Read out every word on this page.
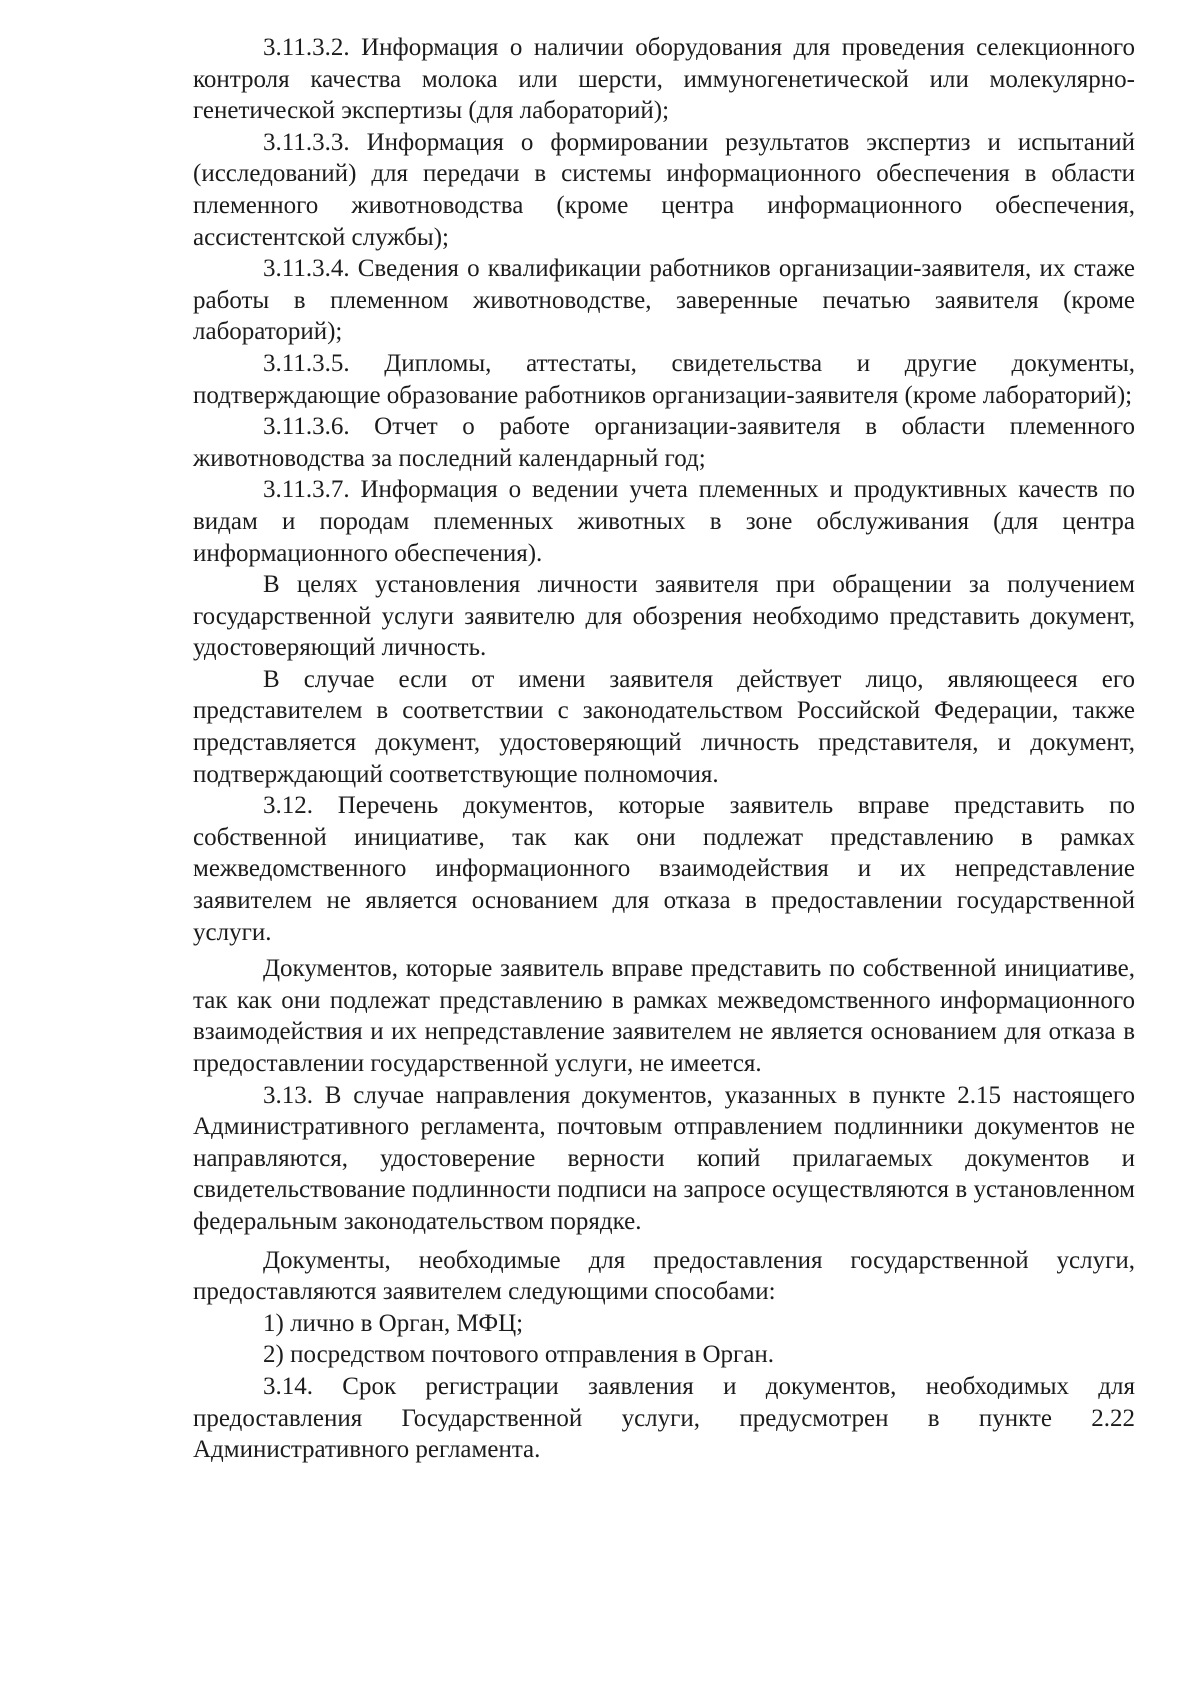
3.11.3.2. Информация о наличии оборудования для проведения селекционного контроля качества молока или шерсти, иммуногенетической или молекулярно-генетической экспертизы (для лабораторий);

3.11.3.3. Информация о формировании результатов экспертиз и испытаний (исследований) для передачи в системы информационного обеспечения в области племенного животноводства (кроме центра информационного обеспечения, ассистентской службы);

3.11.3.4. Сведения о квалификации работников организации-заявителя, их стаже работы в племенном животноводстве, заверенные печатью заявителя (кроме лабораторий);

3.11.3.5. Дипломы, аттестаты, свидетельства и другие документы, подтверждающие образование работников организации-заявителя (кроме лабораторий);

3.11.3.6. Отчет о работе организации-заявителя в области племенного животноводства за последний календарный год;

3.11.3.7. Информация о ведении учета племенных и продуктивных качеств по видам и породам племенных животных в зоне обслуживания (для центра информационного обеспечения).

В целях установления личности заявителя при обращении за получением государственной услуги заявителю для обозрения необходимо представить документ, удостоверяющий личность.

В случае если от имени заявителя действует лицо, являющееся его представителем в соответствии с законодательством Российской Федерации, также представляется документ, удостоверяющий личность представителя, и документ, подтверждающий соответствующие полномочия.

3.12. Перечень документов, которые заявитель вправе представить по собственной инициативе, так как они подлежат представлению в рамках межведомственного информационного взаимодействия и их непредставление заявителем не является основанием для отказа в предоставлении государственной услуги.

Документов, которые заявитель вправе представить по собственной инициативе, так как они подлежат представлению в рамках межведомственного информационного взаимодействия и их непредставление заявителем не является основанием для отказа в предоставлении государственной услуги, не имеется.

3.13. В случае направления документов, указанных в пункте 2.15 настоящего Административного регламента, почтовым отправлением подлинники документов не направляются, удостоверение верности копий прилагаемых документов и свидетельствование подлинности подписи на запросе осуществляются в установленном федеральным законодательством порядке.

Документы, необходимые для предоставления государственной услуги, предоставляются заявителем следующими способами:

1) лично в Орган, МФЦ;

2) посредством почтового отправления в Орган.

3.14. Срок регистрации заявления и документов, необходимых для предоставления Государственной услуги, предусмотрен в пункте 2.22 Административного регламента.
